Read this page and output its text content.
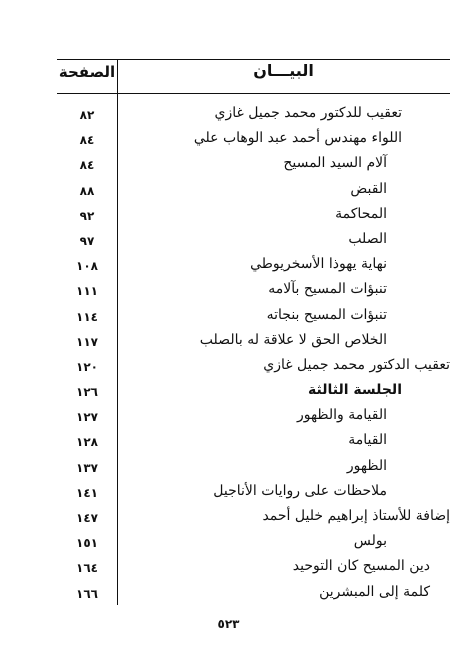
الصفحة	البيـــان
٨٢	تعقيب للدكتور محمد جميل غازي
٨٤	اللواء مهندس أحمد عبد الوهاب علي
٨٤	آلام السيد المسيح
٨٨	القبض
٩٢	المحاكمة
٩٧	الصلب
١٠٨	نهاية يهوذا الأسخريوطي
١١١	تنبؤات المسيح بآلامه
١١٤	تنبؤات المسيح بنجاته
١١٧	الخلاص الحق لا علاقة له بالصلب
١٢٠	تعقيب الدكتور محمد جميل غازي
١٢٦	الجلسة الثالثة
١٢٧	القيامة والظهور
١٢٨	القيامة
١٣٧	الظهور
١٤١	ملاحظات على روايات الأناجيل
١٤٧	إضافة للأستاذ إبراهيم خليل أحمد
١٥١	بولس
١٦٤	دين المسيح كان التوحيد
١٦٦	كلمة إلى المبشرين
٥٢٣
